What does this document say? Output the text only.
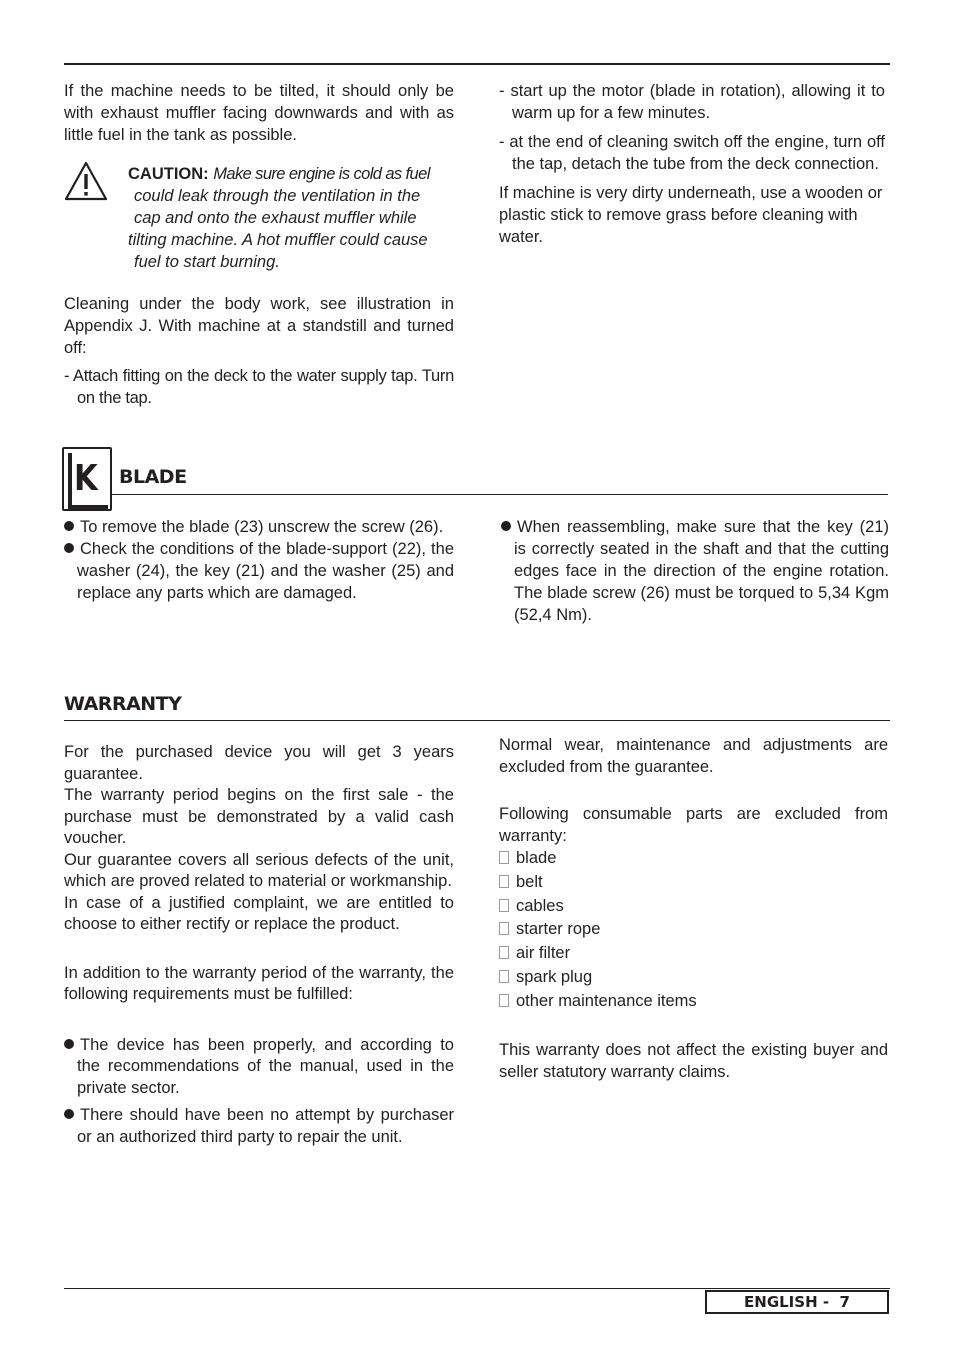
If the machine needs to be tilted, it should only be with exhaust muffler facing downwards and with as little fuel in the tank as possible.

CAUTION: Make sure engine is cold as fuel
could leak through the ventilation in the
cap and onto the exhaust muffler while
tilting machine. A hot muffler could cause
fuel to start burning.

Cleaning under the body work, see illustration in Appendix J. With machine at a standstill and turned off:

- Attach fitting on the deck to the water supply tap. Turn on the tap.

- start up the motor (blade in rotation), allowing it to warm up for a few minutes.

- at the end of cleaning switch off the engine, turn off the tap, detach the tube from the deck connection.

If machine is very dirty underneath, use a wooden or plastic stick to remove grass before cleaning with water.

K BLADE

To remove the blade (23) unscrew the screw (26).

Check the conditions of the blade-support (22), the washer (24), the key (21) and the washer (25) and replace any parts which are damaged.

When reassembling, make sure that the key (21) is correctly seated in the shaft and that the cutting edges face in the direction of the engine rotation. The blade screw (26) must be torqued to 5,34 Kgm (52,4 Nm).

WARRANTY

For the purchased device you will get 3 years guarantee.

The warranty period begins on the first sale - the purchase must be demonstrated by a valid cash voucher.

Our guarantee covers all serious defects of the unit, which are proved related to material or workmanship.

In case of a justified complaint, we are entitled to choose to either rectify or replace the product.

In addition to the warranty period of the warranty, the following requirements must be fulfilled:

The device has been properly, and according to the recommendations of the manual, used in the private sector.

There should have been no attempt by purchaser or an authorized third party to repair the unit.

Normal wear, maintenance and adjustments are excluded from the guarantee.

Following consumable parts are excluded from warranty:

blade
belt
cables
starter rope
air filter
spark plug
other maintenance items

This warranty does not affect the existing buyer and seller statutory warranty claims.

ENGLISH - 7
